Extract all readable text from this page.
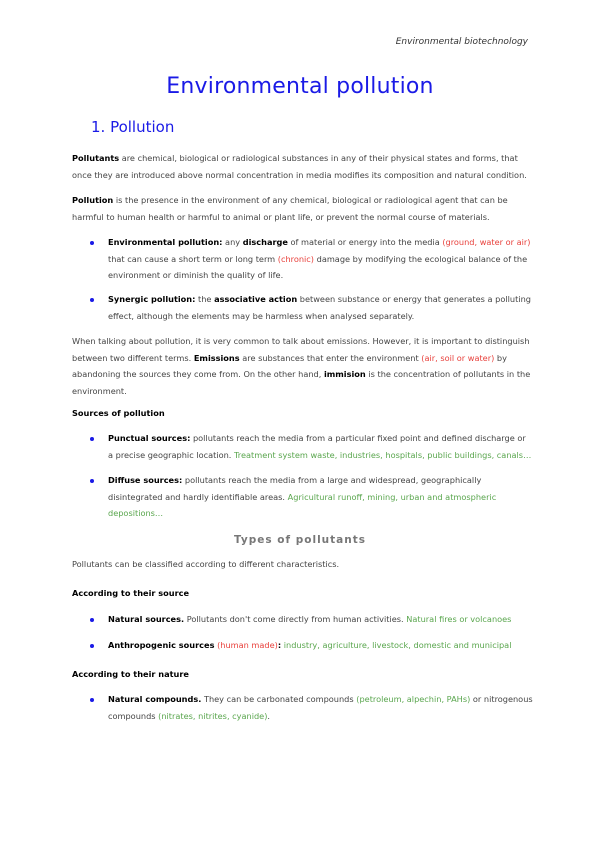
Environmental biotechnology
Environmental pollution
1. Pollution
Pollutants are chemical, biological or radiological substances in any of their physical states and forms, that once they are introduced above normal concentration in media modifies its composition and natural condition.
Pollution is the presence in the environment of any chemical, biological or radiological agent that can be harmful to human health or harmful to animal or plant life, or prevent the normal course of materials.
Environmental pollution: any discharge of material or energy into the media (ground, water or air) that can cause a short term or long term (chronic) damage by modifying the ecological balance of the environment or diminish the quality of life.
Synergic pollution: the associative action between substance or energy that generates a polluting effect, although the elements may be harmless when analysed separately.
When talking about pollution, it is very common to talk about emissions. However, it is important to distinguish between two different terms. Emissions are substances that enter the environment (air, soil or water) by abandoning the sources they come from. On the other hand, immision is the concentration of pollutants in the environment.
Sources of pollution
Punctual sources: pollutants reach the media from a particular fixed point and defined discharge or a precise geographic location. Treatment system waste, industries, hospitals, public buildings, canals…
Diffuse sources: pollutants reach the media from a large and widespread, geographically disintegrated and hardly identifiable areas. Agricultural runoff, mining, urban and atmospheric depositions…
Types of pollutants
Pollutants can be classified according to different characteristics.
According to their source
Natural sources. Pollutants don't come directly from human activities. Natural fires or volcanoes
Anthropogenic sources (human made): industry, agriculture, livestock, domestic and municipal
According to their nature
Natural compounds. They can be carbonated compounds (petroleum, alpechin, PAHs) or nitrogenous compounds (nitrates, nitrites, cyanide).
